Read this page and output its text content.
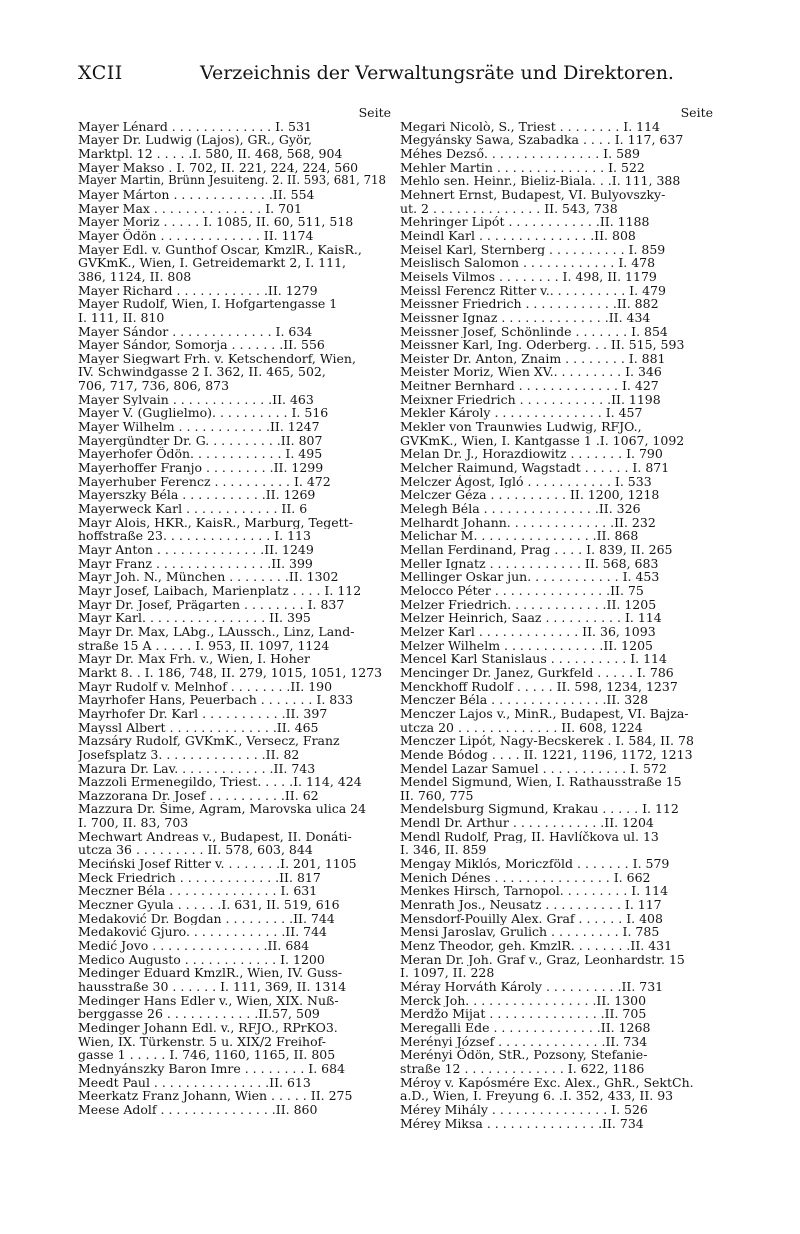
XCII	Verzeichnis der Verwaltungsräte und Direktoren.
Seite
Mayer Lénard . . . . . . . . . . . . . I. 531
Mayer Dr. Ludwig (Lajos), GR., Györ,
Marktpl. 12 . . . . .I. 580, II. 468, 568, 904
Mayer Makso . I. 702, II. 221, 224, 224, 560
Mayer Martin, Brünn Jesuiteng. 2. II. 593, 681, 718
Mayer Márton . . . . . . . . . . . . .II. 554
Mayer Max . . . . . . . . . . . . . . I. 701
Mayer Moriz . . . . . I. 1085, II. 60, 511, 518
Mayer Ödön . . . . . . . . . . . . . II. 1174
Mayer Edl. v. Gunthof Oscar, KmzlR., KaisR.,
GVKmK., Wien, I. Getreidemarkt 2, I. 111,
386, 1124, II. 808
Mayer Richard . . . . . . . . . . . .II. 1279
Mayer Rudolf, Wien, I. Hofgartengasse 1
I. 111, II. 810
Mayer Sándor . . . . . . . . . . . . . I. 634
Mayer Sándor, Somorja . . . . . . .II. 556
Mayer Siegwart Frh. v. Ketschendorf, Wien,
IV. Schwindgasse 2 I. 362, II. 465, 502,
706, 717, 736, 806, 873
Mayer Sylvain . . . . . . . . . . . . .II. 463
Mayer V. (Guglielmo). . . . . . . . . . I. 516
Mayer Wilhelm . . . . . . . . . . . .II. 1247
Mayergündter Dr. G. . . . . . . . . .II. 807
Mayerhofer Ödön. . . . . . . . . . . . I. 495
Mayerhoffer Franjo . . . . . . . . .II. 1299
Mayerhuber Ferencz . . . . . . . . . . I. 472
Mayerszky Béla . . . . . . . . . . .II. 1269
Mayerweck Karl . . . . . . . . . . . . II. 6
Mayr Alois, HKR., KaisR., Marburg, Tegett-
hoffstraße 23. . . . . . . . . . . . . . I. 113
Mayr Anton . . . . . . . . . . . . . .II. 1249
Mayr Franz . . . . . . . . . . . . . . .II. 399
Mayr Joh. N., München . . . . . . . .II. 1302
Mayr Josef, Laibach, Marienplatz . . . . I. 112
Mayr Dr. Josef, Prägarten . . . . . . . . I. 837
Mayr Karl. . . . . . . . . . . . . . . . II. 395
Mayr Dr. Max, LAbg., LAussch., Linz, Land-
straße 15 A . . . . . I. 953, II. 1097, 1124
Mayr Dr. Max Frh. v., Wien, I. Hoher
Markt 8. . I. 186, 748, II. 279, 1015, 1051, 1273
Mayr Rudolf v. Melnhof . . . . . . . .II. 190
Mayrhofer Hans, Peuerbach . . . . . . . I. 833
Mayrhofer Dr. Karl . . . . . . . . . . .II. 397
Mayssl Albert . . . . . . . . . . . . . .II. 465
Mazsáry Rudolf, GVKmK., Versecz, Franz
Josefsplatz 3. . . . . . . . . . . . . .II. 82
Mazura Dr. Lav. . . . . . . . . . . . .II. 743
Mazzoli Ermenegildo, Triest. . . . .I. 114, 424
Mazzorana Dr. Josef . . . . . . . . . .II. 62
Mazzura Dr. Šime, Agram, Marovska ulica 24
I. 700, II. 83, 703
Mechwart Andreas v., Budapest, II. Donáti-
utcza 36 . . . . . . . . . II. 578, 603, 844
Meciński Josef Ritter v. . . . . . . .I. 201, 1105
Meck Friedrich . . . . . . . . . . . . .II. 817
Meczner Béla . . . . . . . . . . . . . . I. 631
Meczner Gyula . . . . . .I. 631, II. 519, 616
Medaković Dr. Bogdan . . . . . . . . .II. 744
Medaković Gjuro. . . . . . . . . . . . .II. 744
Medić Jovo . . . . . . . . . . . . . . .II. 684
Medico Augusto . . . . . . . . . . . . I. 1200
Medinger Eduard KmzlR., Wien, IV. Guss-
hausstraße 30 . . . . . . I. 111, 369, II. 1314
Medinger Hans Edler v., Wien, XIX. Nuß-
berggasse 26 . . . . . . . . . . . .II.57, 509
Medinger Johann Edl. v., RFJO., RPrKO3.
Wien, IX. Türkenstr. 5 u. XIX/2 Freihof-
gasse 1 . . . . . I. 746, 1160, 1165, II. 805
Mednyánszky Baron Imre . . . . . . . . I. 684
Meedt Paul . . . . . . . . . . . . . . .II. 613
Meerkatz Franz Johann, Wien . . . . . II. 275
Meese Adolf . . . . . . . . . . . . . . .II. 860
Seite
Megari Nicolò, S., Triest . . . . . . . . I. 114
Megyánsky Sawa, Szabadka . . . . I. 117, 637
Méhes Dezső. . . . . . . . . . . . . . . I. 589
Mehler Martin . . . . . . . . . . . . . . I. 522
Mehlo sen. Heinr., Bieliz-Biala. . .I. 111, 388
Mehnert Ernst, Budapest, VI. Bulyovszky-
ut. 2 . . . . . . . . . . . . . . II. 543, 738
Mehringer Lipót . . . . . . . . . . . .II. 1188
Meindl Karl . . . . . . . . . . . . . . .II. 808
Meisel Karl, Sternberg . . . . . . . . . . I. 859
Meislisch Salomon . . . . . . . . . . . . I. 478
Meisels Vilmos . . . . . . . . I. 498, II. 1179
Meissl Ferencz Ritter v.. . . . . . . . . . I. 479
Meissner Friedrich . . . . . . . . . . . .II. 882
Meissner Ignaz . . . . . . . . . . . . . .II. 434
Meissner Josef, Schönlinde . . . . . . . I. 854
Meissner Karl, Ing. Oderberg. . . II. 515, 593
Meister Dr. Anton, Znaim . . . . . . . . I. 881
Meister Moriz, Wien XV.. . . . . . . . . I. 346
Meitner Bernhard . . . . . . . . . . . . . I. 427
Meixner Friedrich . . . . . . . . . . . .II. 1198
Mekler Károly . . . . . . . . . . . . . . I. 457
Mekler von Traunwies Ludwig, RFJO.,
GVKmK., Wien, I. Kantgasse 1 .I. 1067, 1092
Melan Dr. J., Horazdiowitz . . . . . . . I. 790
Melcher Raimund, Wagstadt . . . . . . I. 871
Melczer Ágost, Igló . . . . . . . . . . . I. 533
Melczer Géza . . . . . . . . . . II. 1200, 1218
Melegh Béla . . . . . . . . . . . . . . .II. 326
Melhardt Johann. . . . . . . . . . . . . .II. 232
Melichar M. . . . . . . . . . . . . . . .II. 868
Mellan Ferdinand, Prag . . . . I. 839, II. 265
Meller Ignatz . . . . . . . . . . . . II. 568, 683
Mellinger Oskar jun. . . . . . . . . . . . I. 453
Melocco Péter . . . . . . . . . . . . . . .II. 75
Melzer Friedrich. . . . . . . . . . . . .II. 1205
Melzer Heinrich, Saaz . . . . . . . . . . I. 114
Melzer Karl . . . . . . . . . . . . . II. 36, 1093
Melzer Wilhelm . . . . . . . . . . . . .II. 1205
Mencel Karl Stanislaus . . . . . . . . . . I. 114
Mencinger Dr. Janez, Gurkfeld . . . . . I. 786
Menckhoff Rudolf . . . . . II. 598, 1234, 1237
Menczer Béla . . . . . . . . . . . . . . .II. 328
Menczer Lajos v., MinR., Budapest, VI. Bajza-
utcza 20 . . . . . . . . . . . . . II. 608, 1224
Menczer Lipót, Nagy-Becskerek . I. 584, II. 78
Mende Bódog . . . . II. 1221, 1196, 1172, 1213
Mendel Lazar Samuel . . . . . . . . . . . I. 572
Mendel Sigmund, Wien, I. Rathausstraße 15
II. 760, 775
Mendelsburg Sigmund, Krakau . . . . . I. 112
Mendl Dr. Arthur . . . . . . . . . . . .II. 1204
Mendl Rudolf, Prag, II. Havlíčkova ul. 13
I. 346, II. 859
Mengay Miklós, Moriczföld . . . . . . . I. 579
Menich Dénes . . . . . . . . . . . . . . . I. 662
Menkes Hirsch, Tarnopol. . . . . . . . . I. 114
Menrath Jos., Neusatz . . . . . . . . . . I. 117
Mensdorf-Pouilly Alex. Graf . . . . . . I. 408
Mensi Jaroslav, Grulich . . . . . . . . . I. 785
Menz Theodor, geh. KmzlR. . . . . . . .II. 431
Meran Dr. Joh. Graf v., Graz, Leonhardstr. 15
I. 1097, II. 228
Méray Horváth Károly . . . . . . . . . .II. 731
Merck Joh. . . . . . . . . . . . . . . . .II. 1300
Merdžo Mijat . . . . . . . . . . . . . . .II. 705
Meregalli Ede . . . . . . . . . . . . . .II. 1268
Merényi József . . . . . . . . . . . . . .II. 734
Merényi Ödön, StR., Pozsony, Stefanie-
straße 12 . . . . . . . . . . . . . I. 622, 1186
Méroy v. Kapósmére Exc. Alex., GhR., SektCh.
a.D., Wien, I. Freyung 6. .I. 352, 433, II. 93
Mérey Mihály . . . . . . . . . . . . . . . I. 526
Mérey Miksa . . . . . . . . . . . . . . .II. 734
